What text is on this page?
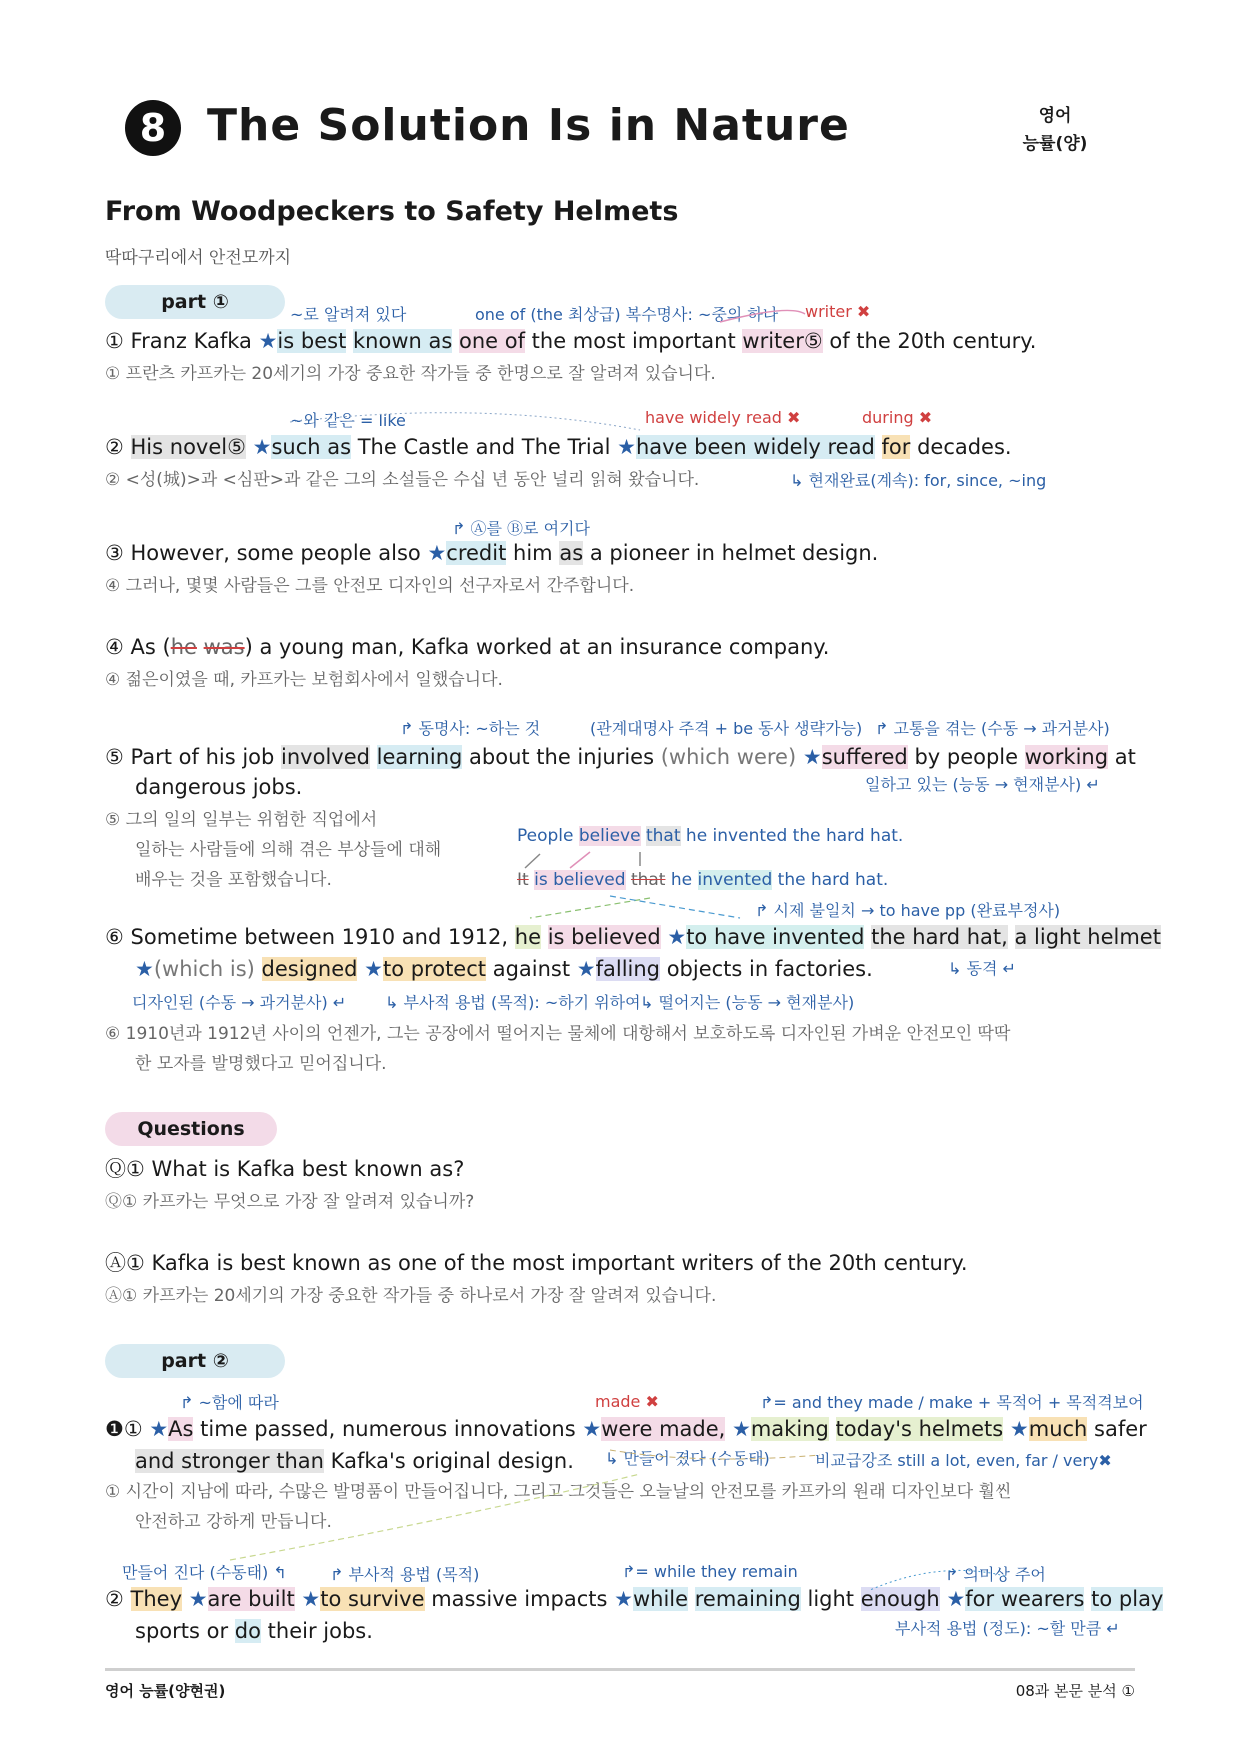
8 The Solution Is in Nature	영어
능률(양)
From Woodpeckers to Safety Helmets
딱따구리에서 안전모까지
part ①
~로 알려져 있다	one of (the 최상급) 복수명사: ~중의 하나 writer ✖
① Franz Kafka ★is best known as one of the most important writer⑤ of the 20th century.
① 프란츠 카프카는 20세기의 가장 중요한 작가들 중 한명으로 잘 알려져 있습니다.
~와 같은 = like	have widely read ✖	during ✖
② His novel⑤ ★such as The Castle and The Trial ★have been widely read for decades.
② <성(城)>과 <심판>과 같은 그의 소설들은 수십 년 동안 널리 읽혀 왔습니다.	↳ 현재완료(계속): for, since, ~ing
↱ Ⓐ를 Ⓑ로 여기다
③ However, some people also ★credit him as a pioneer in helmet design.
④ 그러나, 몇몇 사람들은 그를 안전모 디자인의 선구자로서 간주합니다.
④ As (he was) a young man, Kafka worked at an insurance company.
④ 젊은이였을 때, 카프카는 보험회사에서 일했습니다.
↱ 동명사: ~하는 것	(관계대명사 주격 + be 동사 생략가능) ↱ 고통을 겪는 (수동 → 과거분사)
⑤ Part of his job involved learning about the injuries (which were) ★suffered by people working at
dangerous jobs.	일하고 있는 (능동 → 현재분사) ↵
⑤ 그의 일의 일부는 위험한 직업에서
일하는 사람들에 의해 겪은 부상들에 대해
배우는 것을 포함했습니다.
People believe that he invented the hard hat.
It is believed that he invented the hard hat.
↱ 시제 불일치 → to have pp (완료부정사)
⑥ Sometime between 1910 and 1912, he is believed ★to have invented the hard hat, a light helmet
★(which is) designed ★to protect against ★falling objects in factories.	↳ 동격 ↵
디자인된 (수동 → 과거분사) ↵ ↳ 부사적 용법 (목적): ~하기 위하여 ↳ 떨어지는 (능동 → 현재분사)
⑥ 1910년과 1912년 사이의 언젠가, 그는 공장에서 떨어지는 물체에 대항해서 보호하도록 디자인된 가벼운 안전모인 딱딱
한 모자를 발명했다고 믿어집니다.
Questions
Ⓠ① What is Kafka best known as?
Ⓠ① 카프카는 무엇으로 가장 잘 알려져 있습니까?
Ⓐ① Kafka is best known as one of the most important writers of the 20th century.
Ⓐ① 카프카는 20세기의 가장 중요한 작가들 중 하나로서 가장 잘 알려져 있습니다.
part ②
↱ ~함에 따라	made ✖	↱= and they made / make + 목적어 + 목적격보어
❶① ★As time passed, numerous innovations ★were made, ★making today's helmets ★much safer
and stronger than Kafka's original design. ↳ 만들어 졌다 (수동태)	비교급강조 still a lot, even, far / very✖
① 시간이 지남에 따라, 수많은 발명품이 만들어집니다, 그리고 그것들은 오늘날의 안전모를 카프카의 원래 디자인보다 훨씬
안전하고 강하게 만듭니다.
만들어 진다 (수동태) ↰	↱ 부사적 용법 (목적)	↱= while they remain	↱ 의미상 주어
② They ★are built ★to survive massive impacts ★while remaining light enough ★for wearers to play
sports or do their jobs.	부사적 용법 (정도): ~할 만큼 ↵
영어 능률(양현권)	08과 본문 분석 ①
